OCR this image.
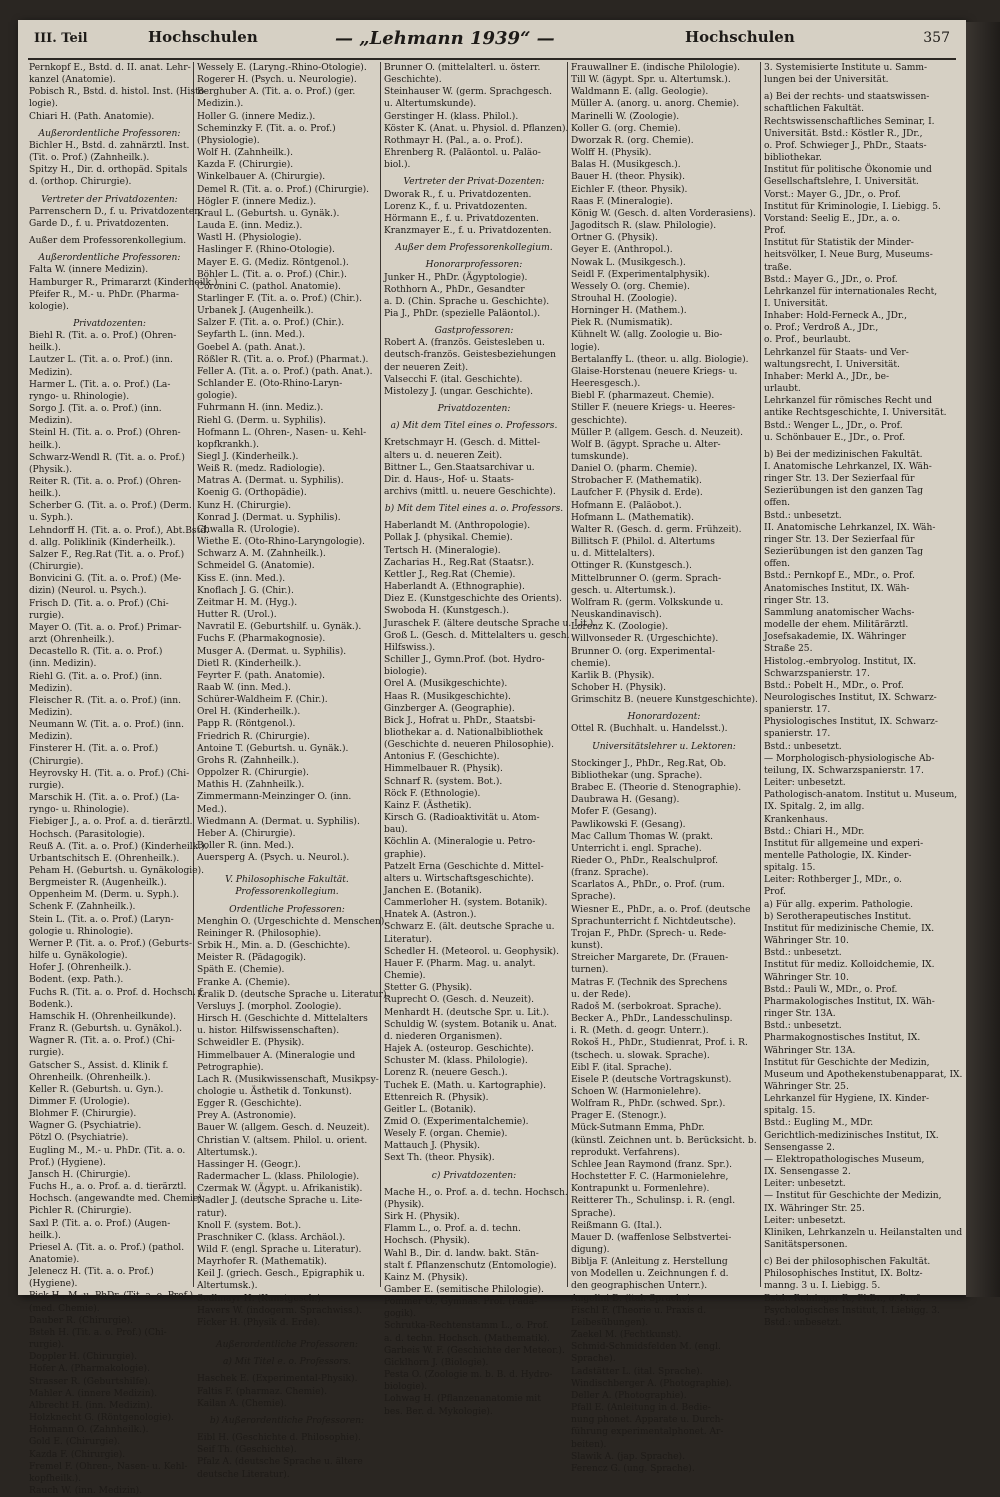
III. Teil	Hochschulen	— „Lehmann 1939“ —	Hochschulen	357
Pernkopf E., Bstd. d. II. anat. Lehr-
kanzel (Anatomie).
Pobisch R., Bstd. d. histol. Inst. (Histo-
logie).
Chiari H. (Path. Anatomie).
Außerordentliche Professoren:
Bichler H., Bstd. d. zahnärztl. Inst.
(Tit. o. Prof.) (Zahnheilk.).
Spitzy H., Dir. d. orthopäd. Spitals
d. (orthop. Chirurgie).
Vertreter der Privatdozenten:
Parrenschern D., f. u. Privatdozenten.
Garde D., f. u. Privatdozenten.
Außer dem Professorenkollegium.
Außerordentliche Professoren:
Falta W. (innere Medizin).
Hamburger R., Primararzt (Kinderheilk.).
Pfeifer R., M.- u. PhDr. (Pharma-
kologie).
Privatdozenten:
Biehl R. (Tit. a. o. Prof.) (Ohren-
heilk.).
Lautzer L. (Tit. a. o. Prof.) (inn.
Medizin).
Harmer L. (Tit. a. o. Prof.) (La-
ryngo- u. Rhinologie).
Sorgo J. (Tit. a. o. Prof.) (inn.
Medizin).
Steinl H. (Tit. a. o. Prof.) (Ohren-
heilk.).
Schwarz-Wendl R. (Tit. a. o. Prof.)
(Physik.).
Reiter R. (Tit. a. o. Prof.) (Ohren-
heilk.).
Scherber G. (Tit. a. o. Prof.) (Derm.
u. Syph.).
Lehndorff H. (Tit. a. o. Prof.), Abt.Bstd.
d. allg. Poliklinik (Kinderheilk.).
Salzer F., Reg.Rat (Tit. a. o. Prof.)
(Chirurgie).
Bonvicini G. (Tit. a. o. Prof.) (Me-
dizin) (Neurol. u. Psych.).
Frisch D. (Tit. a. o. Prof.) (Chi-
rurgie).
Mayer O. (Tit. a. o. Prof.) Primar-
arzt (Ohrenheilk.).
Decastello R. (Tit. a. o. Prof.)
(inn. Medizin).
Riehl G. (Tit. a. o. Prof.) (inn.
Medizin).
Fleischer R. (Tit. a. o. Prof.) (inn.
Medizin).
Neumann W. (Tit. a. o. Prof.) (inn.
Medizin).
Finsterer H. (Tit. a. o. Prof.)
(Chirurgie).
Heyrovsky H. (Tit. a. o. Prof.) (Chi-
rurgie).
Marschik H. (Tit. a. o. Prof.) (La-
ryngo- u. Rhinologie).
Fiebiger J., a. o. Prof. a. d. tierärztl.
Hochsch. (Parasitologie).
Reuß A. (Tit. a. o. Prof.) (Kinderheilk.).
Urbantschitsch E. (Ohrenheilk.).
Peham H. (Geburtsh. u. Gynäkologie).
Bergmeister R. (Augenheilk.).
Oppenheim M. (Derm. u. Syph.).
Schenk F. (Zahnheilk.).
Stein L. (Tit. a. o. Prof.) (Laryn-
gologie u. Rhinologie).
Werner P. (Tit. a. o. Prof.) (Geburts-
hilfe u. Gynäkologie).
Hofer J. (Ohrenheilk.).
Bodent. (exp. Path.).
Fuchs R. (Tit. a. o. Prof. d. Hochsch. f.
Bodenk.).
Hamschik H. (Ohrenheilkunde).
Franz R. (Geburtsh. u. Gynäkol.).
Wagner R. (Tit. a. o. Prof.) (Chi-
rurgie).
Gatscher S., Assist. d. Klinik f.
Ohrenheilk. (Ohrenheilk.).
Keller R. (Geburtsh. u. Gyn.).
Dimmer F. (Urologie).
Blohmer F. (Chirurgie).
Wagner G. (Psychiatrie).
Pötzl O. (Psychiatrie).
Eugling M., M.- u. PhDr. (Tit. a. o.
Prof.) (Hygiene).
Jansch H. (Chirurgie).
Fuchs H., a. o. Prof. a. d. tierärztl.
Hochsch. (angewandte med. Chemie).
Pichler R. (Chirurgie).
Saxl P. (Tit. a. o. Prof.) (Augen-
heilk.).
Priesel A. (Tit. a. o. Prof.) (pathol.
Anatomie).
Jelenecz H. (Tit. a. o. Prof.)
(Hygiene).
Pick H., M.-u. PhDr. (Tit. a. o. Prof.)
(med. Chemie).
Dauber R. (Chirurgie).
Bsteh H. (Tit. a. o. Prof.) (Chi-
rurgie).
Doppler H. (Chirurgie).
Hofer A. (Pharmakologie).
Strasser R. (Geburtshilfe).
Mahler A. (innere Medizin).
Albrecht H. (inn. Medizin).
Holzknecht G. (Röntgenologie).
Hohmann O. (Zahnheilk.).
Gold E. (Chirurgie).
Kazda F. (Chirurgie).
Fremel F. (Ohren-, Nasen- u. Kehl-
kopfheilk.).
Rauch W. (inn. Medizin).
Wessely E. (Laryng.-Rhino-Otologie).
Rogerer H. (Psych. u. Neurologie).
Berghuber A. (Tit. a. o. Prof.) (ger.
Medizin.).
Holler G. (innere Mediz.).
Scheminzky F. (Tit. a. o. Prof.)
(Physiologie).
Wolf H. (Zahnheilk.).
Kazda F. (Chirurgie).
Winkelbauer A. (Chirurgie).
Demel R. (Tit. a. o. Prof.) (Chirurgie).
Högler F. (innere Mediz.).
Kraul L. (Geburtsh. u. Gynäk.).
Lauda E. (inn. Mediz.).
Wastl H. (Physiologie).
Haslinger F. (Rhino-Otologie).
Mayer E. G. (Mediz. Röntgenol.).
Böhler L. (Tit. a. o. Prof.) (Chir.).
Coronini C. (pathol. Anatomie).
Starlinger F. (Tit. a. o. Prof.) (Chir.).
Urbanek J. (Augenheilk.).
Salzer F. (Tit. a. o. Prof.) (Chir.).
Seyfarth L. (inn. Med.).
Goebel A. (path. Anat.).
Rößler R. (Tit. a. o. Prof.) (Pharmat.).
Feller A. (Tit. a. o. Prof.) (path. Anat.).
Schlander E. (Oto-Rhino-Laryn-
gologie).
Fuhrmann H. (inn. Mediz.).
Riehl G. (Derm. u. Syphilis).
Hofmann L. (Ohren-, Nasen- u. Kehl-
kopfkrankh.).
Siegl J. (Kinderheilk.).
Weiß R. (medz. Radiologie).
Matras A. (Dermat. u. Syphilis).
Koenig G. (Orthopädie).
Kunz H. (Chirurgie).
Konrad J. (Dermat. u. Syphilis).
Chwalla R. (Urologie).
Wiethe E. (Oto-Rhino-Laryngologie).
Schwarz A. M. (Zahnheilk.).
Schmeidel G. (Anatomie).
Kiss E. (inn. Med.).
Knoflach J. G. (Chir.).
Zeitmar H. M. (Hyg.).
Hutter R. (Urol.).
Navratil E. (Geburtshilf. u. Gynäk.).
Fuchs F. (Pharmakognosie).
Musger A. (Dermat. u. Syphilis).
Dietl R. (Kinderheilk.).
Feyrter F. (path. Anatomie).
Raab W. (inn. Med.).
Schürer-Waldheim F. (Chir.).
Orel H. (Kinderheilk.).
Papp R. (Röntgenol.).
Friedrich R. (Chirurgie).
Antoine T. (Geburtsh. u. Gynäk.).
Grohs R. (Zahnheilk.).
Oppolzer R. (Chirurgie).
Mathis H. (Zahnheilk.).
Zimmermann-Meinzinger O. (inn.
Med.).
Wiedmann A. (Dermat. u. Syphilis).
Heber A. (Chirurgie).
Boller R. (inn. Med.).
Auersperg A. (Psych. u. Neurol.).
V. Philosophische Fakultät.
Professorenkollegium.
Ordentliche Professoren:
Menghin O. (Urgeschichte d. Menschen).
Reininger R. (Philosophie).
Srbik H., Min. a. D. (Geschichte).
Meister R. (Pädagogik).
Späth E. (Chemie).
Franke A. (Chemie).
Kralik D. (deutsche Sprache u. Literatur).
Versluys J. (morphol. Zoologie).
Hirsch H. (Geschichte d. Mittelalters
u. histor. Hilfswissenschaften).
Schweidler E. (Physik).
Himmelbauer A. (Mineralogie und
Petrographie).
Lach R. (Musikwissenschaft, Musikpsy-
chologie u. Ästhetik d. Tonkunst).
Egger R. (Geschichte).
Prey A. (Astronomie).
Bauer W. (allgem. Gesch. d. Neuzeit).
Christian V. (altsem. Philol. u. orient.
Altertumsk.).
Hassinger H. (Geogr.).
Radermacher L. (klass. Philologie).
Czermak W. (Ägypt. u. Afrikanistik).
Nadler J. (deutsche Sprache u. Lite-
ratur).
Knoll F. (system. Bot.).
Praschniker C. (klass. Archäol.).
Wild F. (engl. Sprache u. Literatur).
Mayrhofer R. (Mathematik).
Keil J. (griech. Gesch., Epigraphik u.
Altertumsk.).
Sedlmayr H. (Kunstgesch.).
Havers W. (indogerm. Sprachwiss.).
Ficker H. (Physik d. Erde).
Außerordentliche Professoren:
a) Mit Titel e. o. Professors.
Haschek E. (Experimental-Physik).
Faltis F. (pharmaz. Chemie).
Kailan A. (Chemie).
b) Außerordentliche Professoren:
Eibl H. (Geschichte d. Philosophie).
Seif Th. (Geschichte).
Pfalz A. (deutsche Sprache u. ältere
deutsche Literatur).
Brunner O. (mittelalterl. u. österr.
Geschichte).
Steinhauser W. (germ. Sprachgesch.
u. Altertumskunde).
Gerstinger H. (klass. Philol.).
Köster K. (Anat. u. Physiol. d. Pflanzen).
Rothmayr H. (Pal., a. o. Prof.).
Ehrenberg R. (Paläontol. u. Paläo-
biol.).
Vertreter der Privat-Dozenten:
Dworak R., f. u. Privatdozenten.
Lorenz K., f. u. Privatdozenten.
Hörmann E., f. u. Privatdozenten.
Kranzmayer E., f. u. Privatdozenten.
Außer dem Professorenkollegium.
Honorarprofessoren:
Junker H., PhDr. (Ägyptologie).
Rothhorn A., PhDr., Gesandter
a. D. (Chin. Sprache u. Geschichte).
Pia J., PhDr. (spezielle Paläontol.).
Gastprofessoren:
Robert A. (französ. Geistesleben u.
deutsch-französ. Geistesbeziehungen
der neueren Zeit).
Valsecchi F. (ital. Geschichte).
Mistolezy J. (ungar. Geschichte).
Privatdozenten:
a) Mit dem Titel eines o. Professors.
Kretschmayr H. (Gesch. d. Mittel-
alters u. d. neueren Zeit).
Bittner L., Gen.Staatsarchivar u.
Dir. d. Haus-, Hof- u. Staats-
archivs (mittl. u. neuere Geschichte).
b) Mit dem Titel eines a. o. Professors.
Haberlandt M. (Anthropologie).
Pollak J. (physikal. Chemie).
Tertsch H. (Mineralogie).
Zacharias H., Reg.Rat (Staatsr.).
Kettler J., Reg.Rat (Chemie).
Haberlandt A. (Ethnographie).
Diez E. (Kunstgeschichte des Orients).
Swoboda H. (Kunstgesch.).
Juraschek F. (ältere deutsche Sprache u. Lit.).
Groß L. (Gesch. d. Mittelalters u. gesch.
Hilfswiss.).
Schiller J., Gymn.Prof. (bot. Hydro-
biologie).
Orel A. (Musikgeschichte).
Haas R. (Musikgeschichte).
Ginzberger A. (Geographie).
Bick J., Hofrat u. PhDr., Staatsbi-
bliothekar a. d. Nationalbibliothek
(Geschichte d. neueren Philosophie).
Antonius F. (Geschichte).
Himmelbauer R. (Physik).
Schnarf R. (system. Bot.).
Röck F. (Ethnologie).
Kainz F. (Ästhetik).
Kirsch G. (Radioaktivität u. Atom-
bau).
Köchlin A. (Mineralogie u. Petro-
graphie).
Patzelt Erna (Geschichte d. Mittel-
alters u. Wirtschaftsgeschichte).
Janchen E. (Botanik).
Cammerloher H. (system. Botanik).
Hnatek A. (Astron.).
Schwarz E. (ält. deutsche Sprache u.
Literatur).
Schedler H. (Meteorol. u. Geophysik).
Hauer F. (Pharm. Mag. u. analyt.
Chemie).
Stetter G. (Physik).
Ruprecht O. (Gesch. d. Neuzeit).
Menhardt H. (deutsche Spr. u. Lit.).
Schuldig W. (system. Botanik u. Anat.
d. niederen Organismen).
Hajek A. (osteurop. Geschichte).
Schuster M. (klass. Philologie).
Lorenz R. (neuere Gesch.).
Tuchek E. (Math. u. Kartographie).
Ettenreich R. (Physik).
Geitler L. (Botanik).
Zmid O. (Experimentalchemie).
Wesely F. (organ. Chemie).
Mattauch J. (Physik).
Sext Th. (theor. Physik).
c) Privatdozenten:
Mache H., o. Prof. a. d. techn. Hochsch.
(Physik).
Sirk H. (Physik).
Flamm L., o. Prof. a. d. techn.
Hochsch. (Physik).
Wahl B., Dir. d. landw. bakt. Stän-
stalt f. Pflanzenschutz (Entomologie).
Kainz M. (Physik).
Gamber E. (semitische Philologie).
Pommer O., Gymnas. Prof. (Päda-
gogik).
Schrutka-Rechtenstamm L., o. Prof.
a. d. techn. Hochsch. (Mathematik).
Garbeis W. F. (Geschichte der Meteor.).
Gicklhorn J. (Biologie).
Pesta O. (Zoologie m. b. B. d. Hydro-
biologie).
Lohwag H. (Pflanzenanatomie mit
bes. Ber. d. Mykologie).
Frauwallner E. (indische Philologie).
Till W. (ägypt. Spr. u. Altertumsk.).
Waldmann E. (allg. Geologie).
Müller A. (anorg. u. anorg. Chemie).
Marinelli W. (Zoologie).
Koller G. (org. Chemie).
Dworzak R. (org. Chemie).
Wolff H. (Physik).
Balas H. (Musikgesch.).
Bauer H. (theor. Physik).
Eichler F. (theor. Physik).
Raas F. (Mineralogie).
König W. (Gesch. d. alten Vorderasiens).
Jagoditsch R. (slaw. Philologie).
Ortner G. (Physik).
Geyer E. (Anthropol.).
Nowak L. (Musikgesch.).
Seidl F. (Experimentalphysik).
Wessely O. (org. Chemie).
Strouhal H. (Zoologie).
Horninger H. (Mathem.).
Piek R. (Numismatik).
Kühnelt W. (allg. Zoologie u. Bio-
logie).
Bertalanffy L. (theor. u. allg. Biologie).
Glaise-Horstenau (neuere Kriegs- u.
Heeresgesch.).
Biebl F. (pharmazeut. Chemie).
Stiller F. (neuere Kriegs- u. Heeres-
geschichte).
Müller P. (allgem. Gesch. d. Neuzeit).
Wolf B. (ägypt. Sprache u. Alter-
tumskunde).
Daniel O. (pharm. Chemie).
Strobacher F. (Mathematik).
Laufcher F. (Physik d. Erde).
Hofmann E. (Paläobot.).
Hofmann L. (Mathematik).
Walter R. (Gesch. d. germ. Frühzeit).
Billitsch F. (Philol. d. Altertums
u. d. Mittelalters).
Ottinger R. (Kunstgesch.).
Mittelbrunner O. (germ. Sprach-
gesch. u. Altertumsk.).
Wolfram R. (germ. Volkskunde u.
Neuskandinavisch).
Lorenz K. (Zoologie).
Willvonseder R. (Urgeschichte).
Brunner O. (org. Experimental-
chemie).
Karlik B. (Physik).
Schober H. (Physik).
Grimschitz B. (neuere Kunstgeschichte).
Honorardozent:
Ottel R. (Buchhalt. u. Handelsst.).
Universitätslehrer u. Lektoren:
Stockinger J., PhDr., Reg.Rat, Ob.
Bibliothekar (ung. Sprache).
Brabec E. (Theorie d. Stenographie).
Daubrawa H. (Gesang).
Mofer F. (Gesang).
Pawlikowski F. (Gesang).
Mac Callum Thomas W. (prakt.
Unterricht i. engl. Sprache).
Rieder O., PhDr., Realschulprof.
(franz. Sprache).
Scarlatos A., PhDr., o. Prof. (rum.
Sprache).
Wiesner E., PhDr., a. o. Prof. (deutsche
Sprachunterricht f. Nichtdeutsche).
Trojan F., PhDr. (Sprech- u. Rede-
kunst).
Streicher Margarete, Dr. (Frauen-
turnen).
Matras F. (Technik des Sprechens
u. der Rede).
Radoš M. (serbokroat. Sprache).
Becker A., PhDr., Landesschulinsp.
i. R. (Meth. d. geogr. Unterr.).
Rokoš H., PhDr., Studienrat, Prof. i. R.
(tschech. u. slowak. Sprache).
Eibl F. (ital. Sprache).
Eisele P. (deutsche Vortragskunst).
Schoen W. (Harmonielehre).
Wolfram R., PhDr. (schwed. Spr.).
Prager E. (Stenogr.).
Mück-Sutmann Emma, PhDr.
(künstl. Zeichnen unt. b. Berücksicht. b.
reprodukt. Verfahrens).
Schlee Jean Raymond (franz. Spr.).
Hochstetter F. C. (Harmonielehre,
Kontrapunkt u. Formenlehre).
Reitterer Th., Schulinsp. i. R. (engl.
Sprache).
Reißmann G. (Ital.).
Mauer D. (waffenlose Selbstvertei-
digung).
Biblja F. (Anleitung z. Herstellung
von Modellen u. Zeichnungen f. d.
den geographischen Unterr.).
Angelini D. (ital. Sprache).
Fischl F. (Theorie u. Praxis d.
Leibesübungen).
Zaekel M. (Fechtkunst).
Schmid-Schmidsfelden M. (engl.
Sprache).
Ladstätter L. (ital. Sprache).
Windischberger A. (Photographie).
Deller A. (Photographie).
Pfall E. (Anleitung in d. Bedie-
nung phonet. Apparate u. Durch-
führung experimentalphonet. Ar-
beiten).
Slawik A. (jap. Sprache).
Ferencz G. (ung. Sprache).
3. Systemisierte Institute u. Samm-
lungen bei der Universität.
a) Bei der rechts- und staatswissen-
schaftlichen Fakultät.
Rechtswissenschaftliches Seminar, I.
Universität. Bstd.: Köstler R., JDr.,
o. Prof. Schwieger J., PhDr., Staats-
bibliothekar.
Institut für politische Ökonomie und
Gesellschaftslehre, I. Universität.
Vorst.: Mayer G., JDr., o. Prof.
Institut für Kriminologie, I. Liebigg. 5.
Vorstand: Seelig E., JDr., a. o.
Prof.
Institut für Statistik der Minder-
heitsvölker, I. Neue Burg, Museums-
traße.
Bstd.: Mayer G., JDr., o. Prof.
Lehrkanzel für internationales Recht,
I. Universität.
Inhaber: Hold-Ferneck A., JDr.,
o. Prof.; Verdroß A., JDr.,
o. Prof., beurlaubt.
Lehrkanzel für Staats- und Ver-
waltungsrecht, I. Universität.
Inhaber: Merkl A., JDr., be-
urlaubt.
Lehrkanzel für römisches Recht und
antike Rechtsgeschichte, I. Universität.
Bstd.: Wenger L., JDr., o. Prof.
u. Schönbauer E., JDr., o. Prof.
b) Bei der medizinischen Fakultät.
I. Anatomische Lehrkanzel, IX. Wäh-
ringer Str. 13. Der Sezierfaal für
Sezierübungen ist den ganzen Tag
offen.
Bstd.: unbesetzt.
II. Anatomische Lehrkanzel, IX. Wäh-
ringer Str. 13. Der Sezierfaal für
Sezierübungen ist den ganzen Tag
offen.
Bstd.: Pernkopf E., MDr., o. Prof.
Anatomisches Institut, IX. Wäh-
ringer Str. 13.
Sammlung anatomischer Wachs-
modelle der ehem. Militärärztl.
Josefsakademie, IX. Währinger
Straße 25.
Histolog.-embryolog. Institut, IX.
Schwarzspanierstr. 17.
Bstd.: Pobelt H., MDr., o. Prof.
Neurologisches Institut, IX. Schwarz-
spanierstr. 17.
Physiologisches Institut, IX. Schwarz-
spanierstr. 17.
Bstd.: unbesetzt.
— Morphologisch-physiologische Ab-
teilung, IX. Schwarzspanierstr. 17.
Leiter: unbesetzt.
Pathologisch-anatom. Institut u. Museum,
IX. Spitalg. 2, im allg.
Krankenhaus.
Bstd.: Chiari H., MDr.
Institut für allgemeine und experi-
mentelle Pathologie, IX. Kinder-
spitalg. 15.
Leiter: Rothberger J., MDr., o.
Prof.
a) Für allg. experim. Pathologie.
b) Serotherapeutisches Institut.
Institut für medizinische Chemie, IX.
Währinger Str. 10.
Bstd.: unbesetzt.
Institut für mediz. Kolloidchemie, IX.
Währinger Str. 10.
Bstd.: Pauli W., MDr., o. Prof.
Pharmakologisches Institut, IX. Wäh-
ringer Str. 13A.
Bstd.: unbesetzt.
Pharmakognostisches Institut, IX.
Währinger Str. 13A.
Institut für Geschichte der Medizin,
Museum und Apothekenstubenapparat, IX.
Währinger Str. 25.
Lehrkanzel für Hygiene, IX. Kinder-
spitalg. 15.
Bstd.: Eugling M., MDr.
Gerichtlich-medizinisches Institut, IX.
Sensengasse 2.
— Elektropathologisches Museum,
IX. Sensengasse 2.
Leiter: unbesetzt.
— Institut für Geschichte der Medizin,
IX. Währinger Str. 25.
Leiter: unbesetzt.
Kliniken, Lehrkanzeln u. Heilanstalten und
Sanitätspersonen.
c) Bei der philosophischen Fakultät.
Philosophisches Institut, IX. Boltz-
manng. 3 u. I. Liebigg. 5.
Bstd.: Reininger R., PhDr., o. Prof.
Psychologisches Institut, I. Liebigg. 3.
Bstd.: unbesetzt.
